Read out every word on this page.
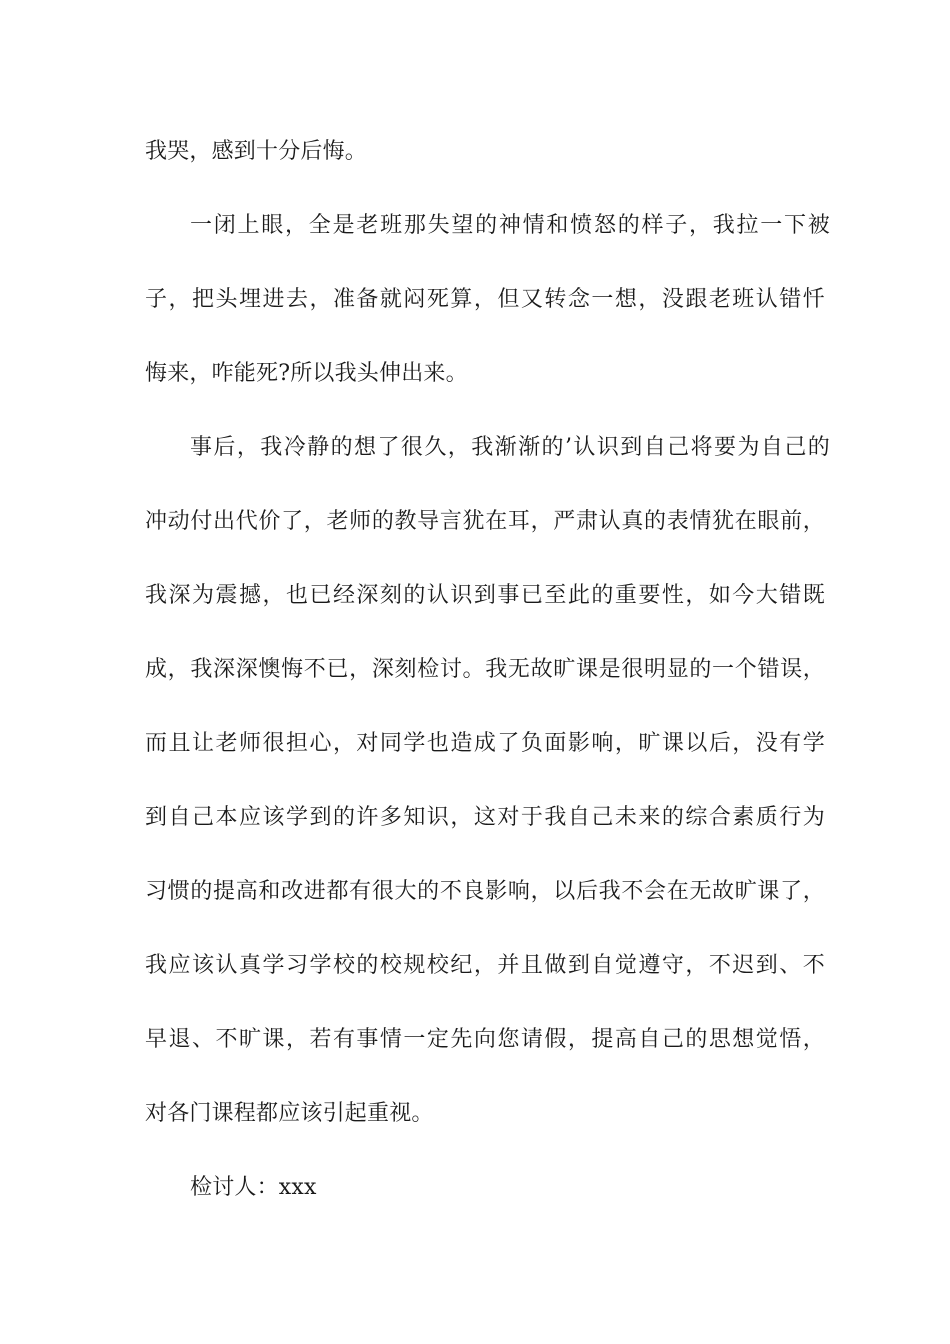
我哭，感到十分后悔。
一闭上眼，全是老班那失望的神情和愤怒的样子，我拉一下被
子，把头埋进去，准备就闷死算，但又转念一想，没跟老班认错忏
悔来，咋能死?所以我头伸出来。
事后，我冷静的想了很久，我渐渐的’认识到自己将要为自己的
冲动付出代价了，老师的教导言犹在耳，严肃认真的表情犹在眼前，
我深为震撼，也已经深刻的认识到事已至此的重要性，如今大错既
成，我深深懊悔不已，深刻检讨。我无故旷课是很明显的一个错误，
而且让老师很担心，对同学也造成了负面影响，旷课以后，没有学
到自己本应该学到的许多知识，这对于我自己未来的综合素质行为
习惯的提高和改进都有很大的不良影响，以后我不会在无故旷课了，
我应该认真学习学校的校规校纪，并且做到自觉遵守，不迟到、不
早退、不旷课，若有事情一定先向您请假，提高自己的思想觉悟，
对各门课程都应该引起重视。
检讨人：xxx
